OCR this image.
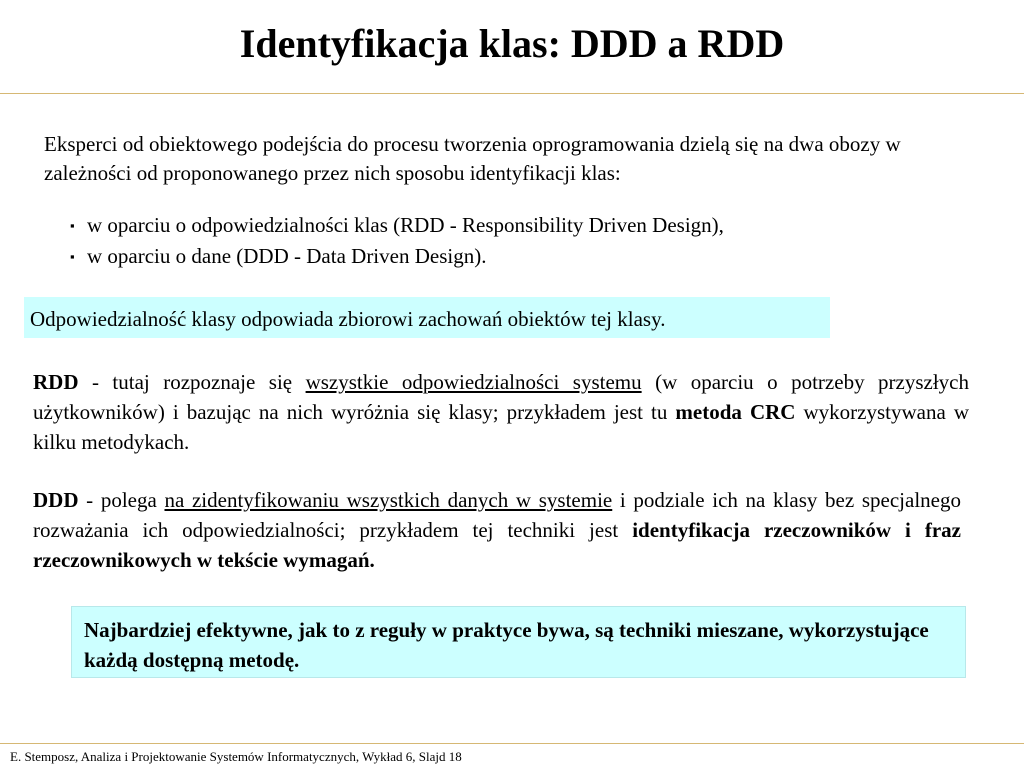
Identyfikacja klas: DDD a RDD
Eksperci od obiektowego podejścia do procesu tworzenia oprogramowania dzielą się na dwa obozy w zależności od proponowanego przez nich sposobu identyfikacji klas:
▪ w oparciu o odpowiedzialności klas (RDD - Responsibility Driven Design),
▪ w oparciu o dane (DDD - Data Driven Design).
Odpowiedzialność klasy odpowiada zbiorowi zachowań obiektów tej klasy.
RDD - tutaj rozpoznaje się wszystkie odpowiedzialności systemu (w oparciu o potrzeby przyszłych użytkowników) i bazując na nich wyróżnia się klasy; przykładem jest tu metoda CRC wykorzystywana w kilku metodykach.
DDD - polega na zidentyfikowaniu wszystkich danych w systemie i podziale ich na klasy bez specjalnego rozważania ich odpowiedzialności; przykładem tej techniki jest identyfikacja rzeczowników i fraz rzeczownikowych w tekście wymagań.
Najbardziej efektywne, jak to z reguły w praktyce bywa, są techniki mieszane, wykorzystujące każdą dostępną metodę.
E. Stemposz, Analiza i Projektowanie Systemów Informatycznych, Wykład 6, Slajd 18
